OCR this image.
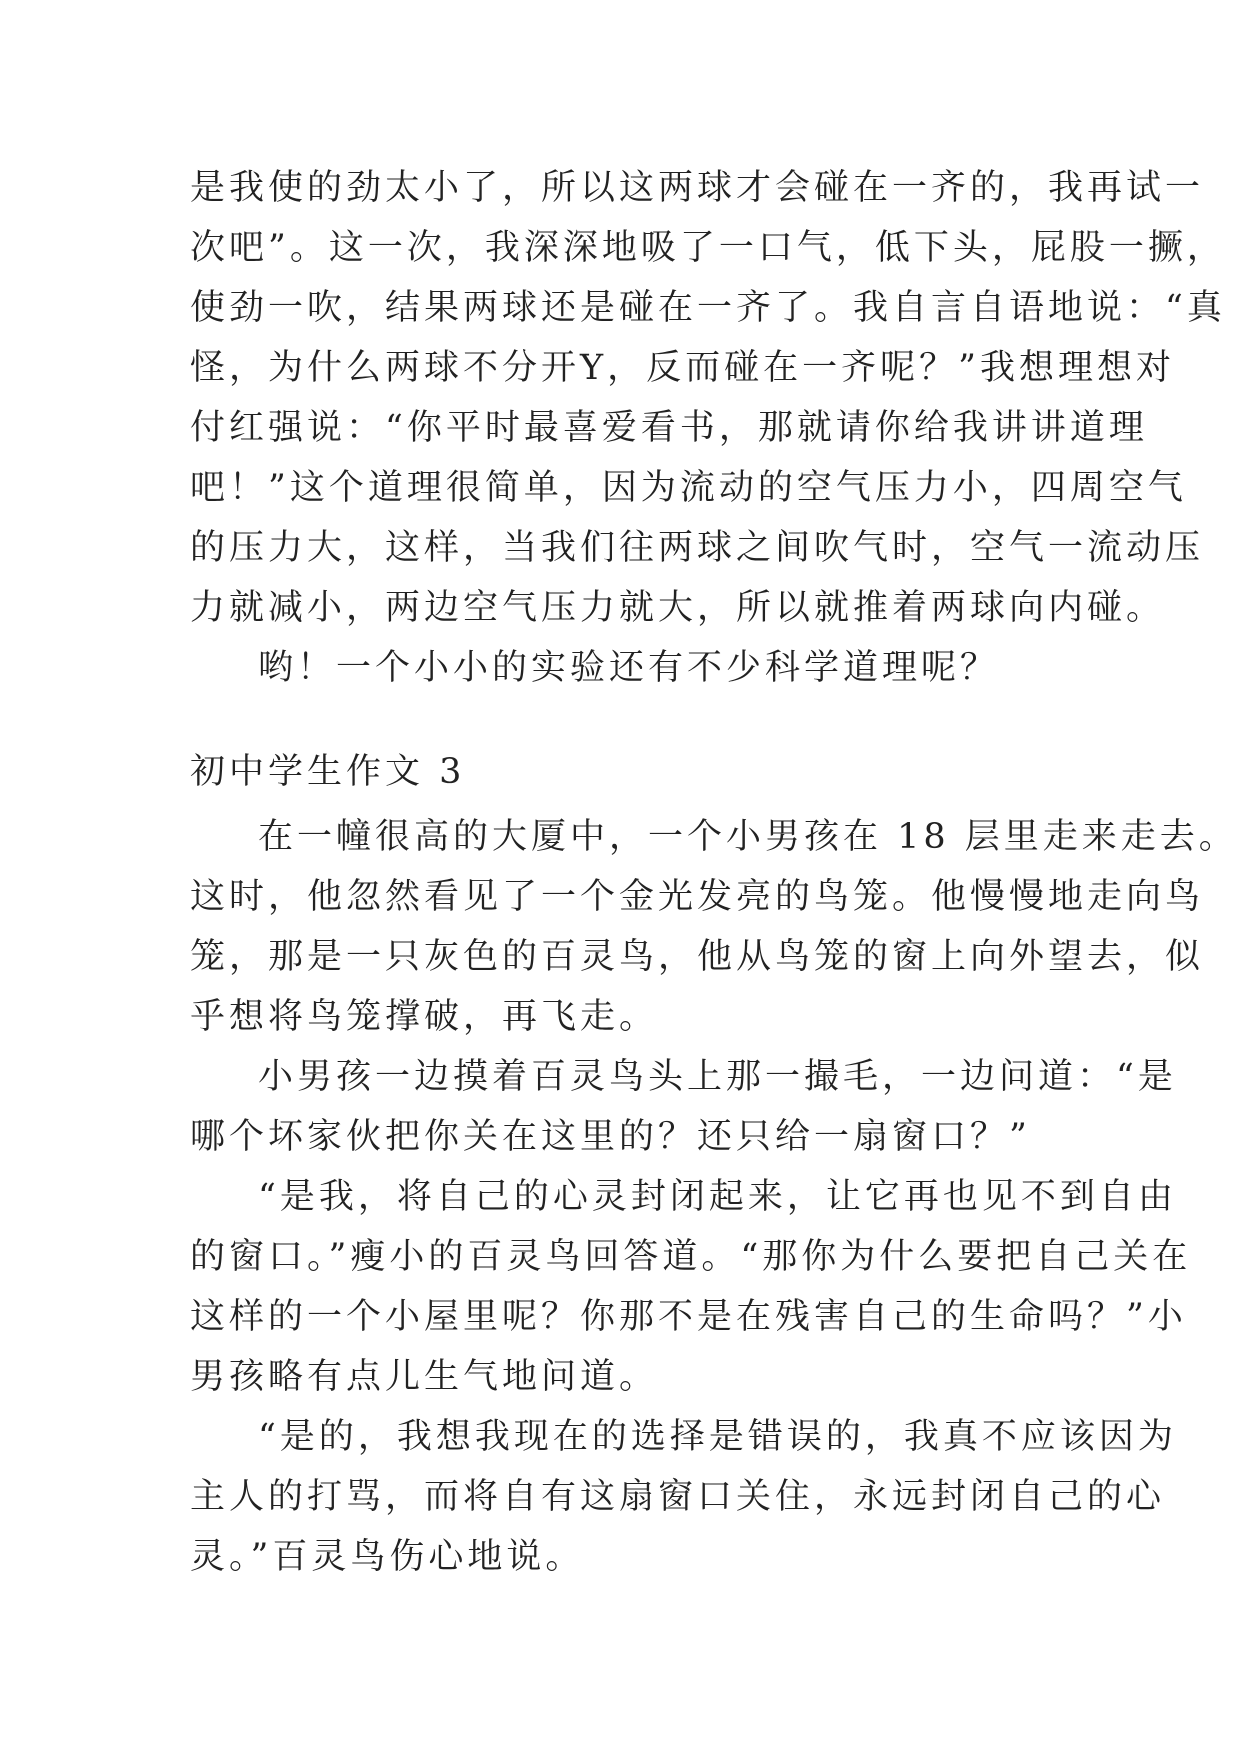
是我使的劲太小了，所以这两球才会碰在一齐的，我再试一
次吧”。这一次，我深深地吸了一口气，低下头，屁股一撅，
使劲一吹，结果两球还是碰在一齐了。我自言自语地说：“真
怪，为什么两球不分开Y，反而碰在一齐呢？”我想理想对
付红强说：“你平时最喜爱看书，那就请你给我讲讲道理
吧！”这个道理很简单，因为流动的空气压力小，四周空气
的压力大，这样，当我们往两球之间吹气时，空气一流动压
力就减小，两边空气压力就大，所以就推着两球向内碰。
哟！一个小小的实验还有不少科学道理呢？
初中学生作文 3
在一幢很高的大厦中，一个小男孩在 18 层里走来走去。
这时，他忽然看见了一个金光发亮的鸟笼。他慢慢地走向鸟
笼，那是一只灰色的百灵鸟，他从鸟笼的窗上向外望去，似
乎想将鸟笼撑破，再飞走。
小男孩一边摸着百灵鸟头上那一撮毛，一边问道：“是
哪个坏家伙把你关在这里的？还只给一扇窗口？”
“是我，将自己的心灵封闭起来，让它再也见不到自由
的窗口。”瘦小的百灵鸟回答道。“那你为什么要把自己关在
这样的一个小屋里呢？你那不是在残害自己的生命吗？”小
男孩略有点儿生气地问道。
“是的，我想我现在的选择是错误的，我真不应该因为
主人的打骂，而将自有这扇窗口关住，永远封闭自己的心
灵。”百灵鸟伤心地说。
